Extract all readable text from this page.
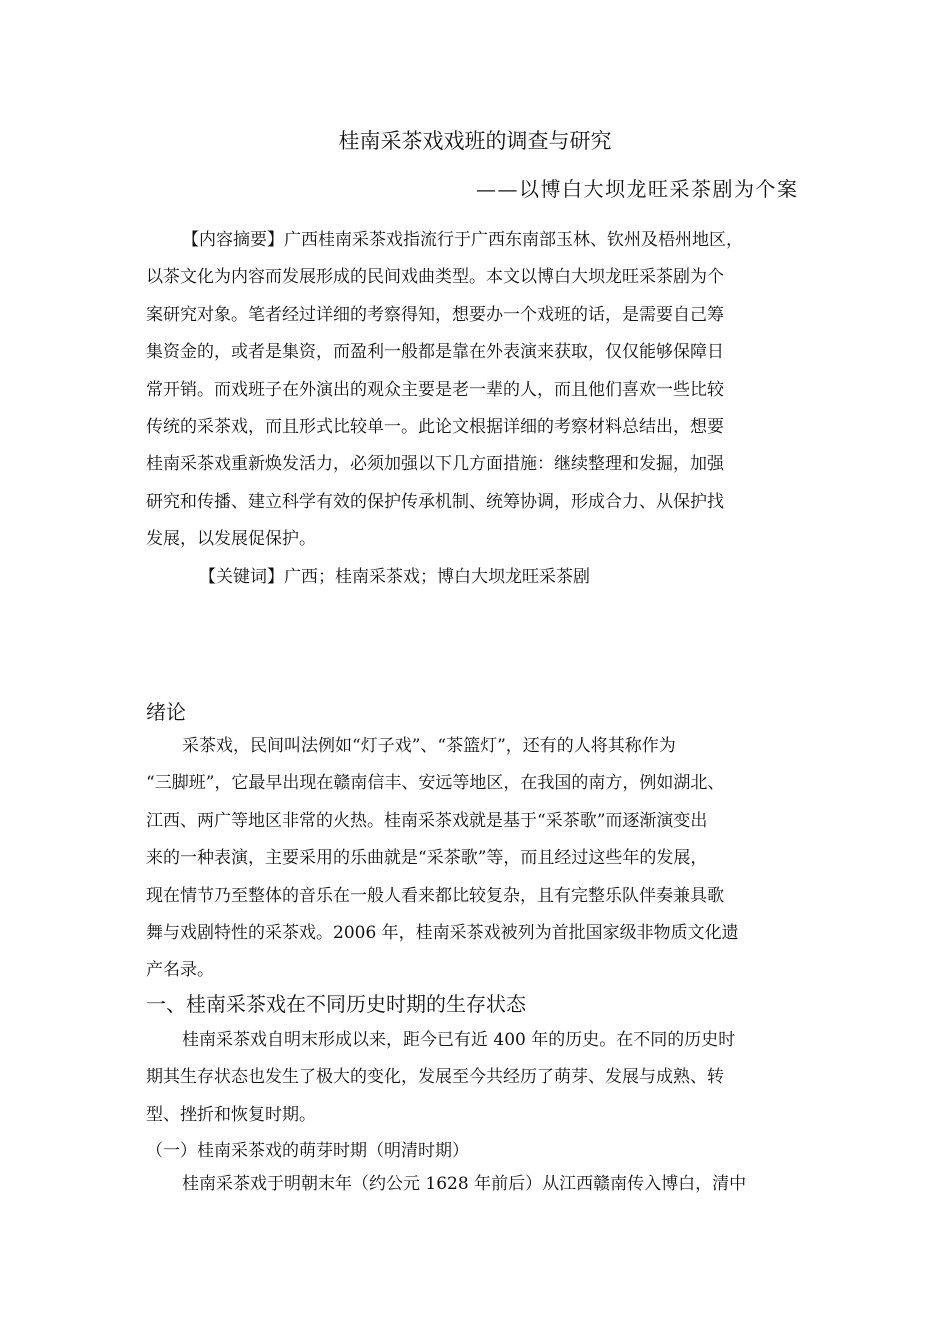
桂南采茶戏戏班的调查与研究
——以博白大坝龙旺采茶剧为个案
【内容摘要】广西桂南采茶戏指流行于广西东南部玉林、钦州及梧州地区，
以茶文化为内容而发展形成的民间戏曲类型。本文以博白大坝龙旺采茶剧为个
案研究对象。笔者经过详细的考察得知，想要办一个戏班的话，是需要自己筹
集资金的，或者是集资，而盈利一般都是靠在外表演来获取，仅仅能够保障日
常开销。而戏班子在外演出的观众主要是老一辈的人，而且他们喜欢一些比较
传统的采茶戏，而且形式比较单一。此论文根据详细的考察材料总结出，想要
桂南采茶戏重新焕发活力，必须加强以下几方面措施：继续整理和发掘，加强
研究和传播、建立科学有效的保护传承机制、统筹协调，形成合力、从保护找
发展，以发展促保护。
【关键词】广西；桂南采茶戏；博白大坝龙旺采茶剧
绪论
采茶戏，民间叫法例如“灯子戏”、“茶篮灯”，还有的人将其称作为
“三脚班”，它最早出现在赣南信丰、安远等地区，在我国的南方，例如湖北、
江西、两广等地区非常的火热。桂南采茶戏就是基于“采茶歌”而逐渐演变出
来的一种表演，主要采用的乐曲就是“采茶歌”等，而且经过这些年的发展，
现在情节乃至整体的音乐在一般人看来都比较复杂，且有完整乐队伴奏兼具歌
舞与戏剧特性的采茶戏。2006 年，桂南采茶戏被列为首批国家级非物质文化遗
产名录。
一、桂南采茶戏在不同历史时期的生存状态
桂南采茶戏自明末形成以来，距今已有近 400 年的历史。在不同的历史时
期其生存状态也发生了极大的变化，发展至今共经历了萌芽、发展与成熟、转
型、挫折和恢复时期。
（一）桂南采茶戏的萌芽时期（明清时期）
桂南采茶戏于明朝末年（约公元 1628 年前后）从江西赣南传入博白，清中
